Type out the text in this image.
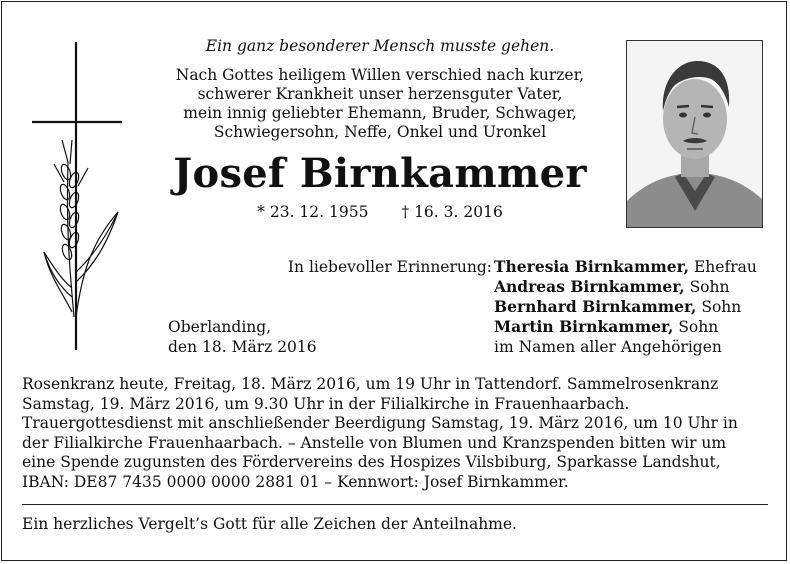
Ein ganz besonderer Mensch musste gehen.
Nach Gottes heiligem Willen verschied nach kurzer,
schwerer Krankheit unser herzensguter Vater,
mein innig geliebter Ehemann, Bruder, Schwager,
Schwiegersohn, Neffe, Onkel und Uronkel
Josef Birnkammer
* 23. 12. 1955 † 16. 3. 2016
In liebevoller Erinnerung: Theresia Birnkammer, Ehefrau
Andreas Birnkammer, Sohn
Bernhard Birnkammer, Sohn
Martin Birnkammer, Sohn
im Namen aller Angehörigen
Oberlanding,
den 18. März 2016
Rosenkranz heute, Freitag, 18. März 2016, um 19 Uhr in Tattendorf. Sammelrosenkranz
Samstag, 19. März 2016, um 9.30 Uhr in der Filialkirche in Frauenhaarbach.
Trauergottesdienst mit anschließender Beerdigung Samstag, 19. März 2016, um 10 Uhr in
der Filialkirche Frauenhaarbach. – Anstelle von Blumen und Kranzspenden bitten wir um
eine Spende zugunsten des Fördervereins des Hospizes Vilsbiburg, Sparkasse Landshut,
IBAN: DE87 7435 0000 0000 2881 01 – Kennwort: Josef Birnkammer.
Ein herzliches Vergelt’s Gott für alle Zeichen der Anteilnahme.
